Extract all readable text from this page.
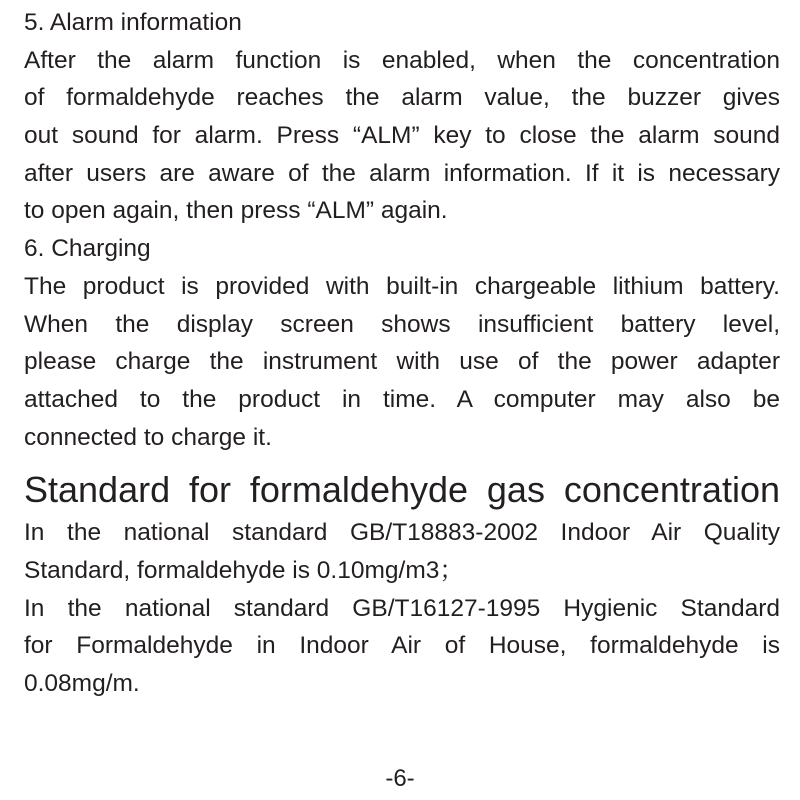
5. Alarm information
After the alarm function is enabled, when the concentration
of formaldehyde reaches the alarm value, the buzzer gives
out sound for alarm. Press “ALM” key to close the alarm sound
after users are aware of the alarm information. If it is necessary
to open again, then press “ALM” again.
6. Charging
The product is provided with built-in chargeable lithium battery.
When the display screen shows insufficient battery level,
please charge the instrument with use of the power adapter
attached to the product in time. A computer may also be
connected to charge it.
Standard for formaldehyde gas concentration
In the national standard GB/T18883-2002 Indoor Air Quality
Standard, formaldehyde is 0.10mg/m3；
In the national standard GB/T16127-1995 Hygienic Standard
for Formaldehyde in Indoor Air of House, formaldehyde is
0.08mg/m.
-6-
